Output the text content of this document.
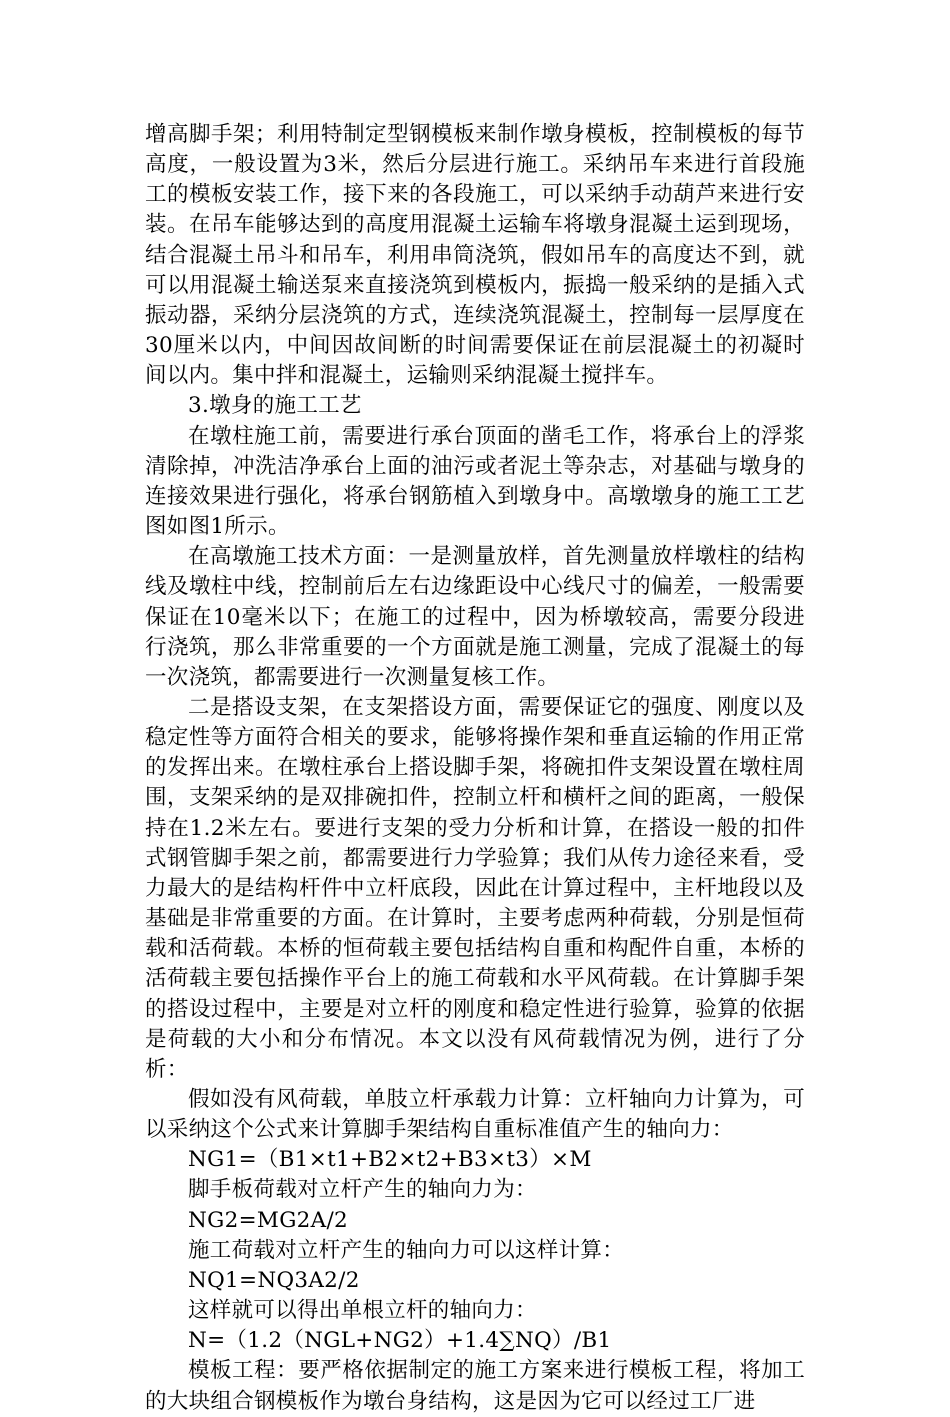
增高脚手架；利用特制定型钢模板来制作墩身模板，控制模板的每节高度，一般设置为3米，然后分层进行施工。采纳吊车来进行首段施工的模板安装工作，接下来的各段施工，可以采纳手动葫芦来进行安装。在吊车能够达到的高度用混凝土运输车将墩身混凝土运到现场，结合混凝土吊斗和吊车，利用串筒浇筑，假如吊车的高度达不到，就可以用混凝土输送泵来直接浇筑到模板内，振捣一般采纳的是插入式振动器，采纳分层浇筑的方式，连续浇筑混凝土，控制每一层厚度在30厘米以内，中间因故间断的时间需要保证在前层混凝土的初凝时间以内。集中拌和混凝土，运输则采纳混凝土搅拌车。

3.墩身的施工工艺

在墩柱施工前，需要进行承台顶面的凿毛工作，将承台上的浮浆清除掉，冲洗洁净承台上面的油污或者泥土等杂志，对基础与墩身的连接效果进行强化，将承台钢筋植入到墩身中。高墩墩身的施工工艺图如图1所示。

在高墩施工技术方面：一是测量放样，首先测量放样墩柱的结构线及墩柱中线，控制前后左右边缘距设中心线尺寸的偏差，一般需要保证在10毫米以下；在施工的过程中，因为桥墩较高，需要分段进行浇筑，那么非常重要的一个方面就是施工测量，完成了混凝土的每一次浇筑，都需要进行一次测量复核工作。

二是搭设支架，在支架搭设方面，需要保证它的强度、刚度以及稳定性等方面符合相关的要求，能够将操作架和垂直运输的作用正常的发挥出来。在墩柱承台上搭设脚手架，将碗扣件支架设置在墩柱周围，支架采纳的是双排碗扣件，控制立杆和横杆之间的距离，一般保持在1.2米左右。要进行支架的受力分析和计算，在搭设一般的扣件式钢管脚手架之前，都需要进行力学验算；我们从传力途径来看，受力最大的是结构杆件中立杆底段，因此在计算过程中，主杆地段以及基础是非常重要的方面。在计算时，主要考虑两种荷载，分别是恒荷载和活荷载。本桥的恒荷载主要包括结构自重和构配件自重，本桥的活荷载主要包括操作平台上的施工荷载和水平风荷载。在计算脚手架的搭设过程中，主要是对立杆的刚度和稳定性进行验算，验算的依据是荷载的大小和分布情况。本文以没有风荷载情况为例，进行了分析：

假如没有风荷载，单肢立杆承载力计算：立杆轴向力计算为，可以采纳这个公式来计算脚手架结构自重标准值产生的轴向力：

NG1=（B1×t1+B2×t2+B3×t3）×M

脚手板荷载对立杆产生的轴向力为：

NG2=MG2A/2

施工荷载对立杆产生的轴向力可以这样计算：

NQ1=NQ3A2/2

这样就可以得出单根立杆的轴向力：

N=（1.2（NGL+NG2）+1.4∑NQ）/B1

模板工程：要严格依据制定的施工方案来进行模板工程，将加工的大块组合钢模板作为墩台身结构，这是因为它可以经过工厂进
